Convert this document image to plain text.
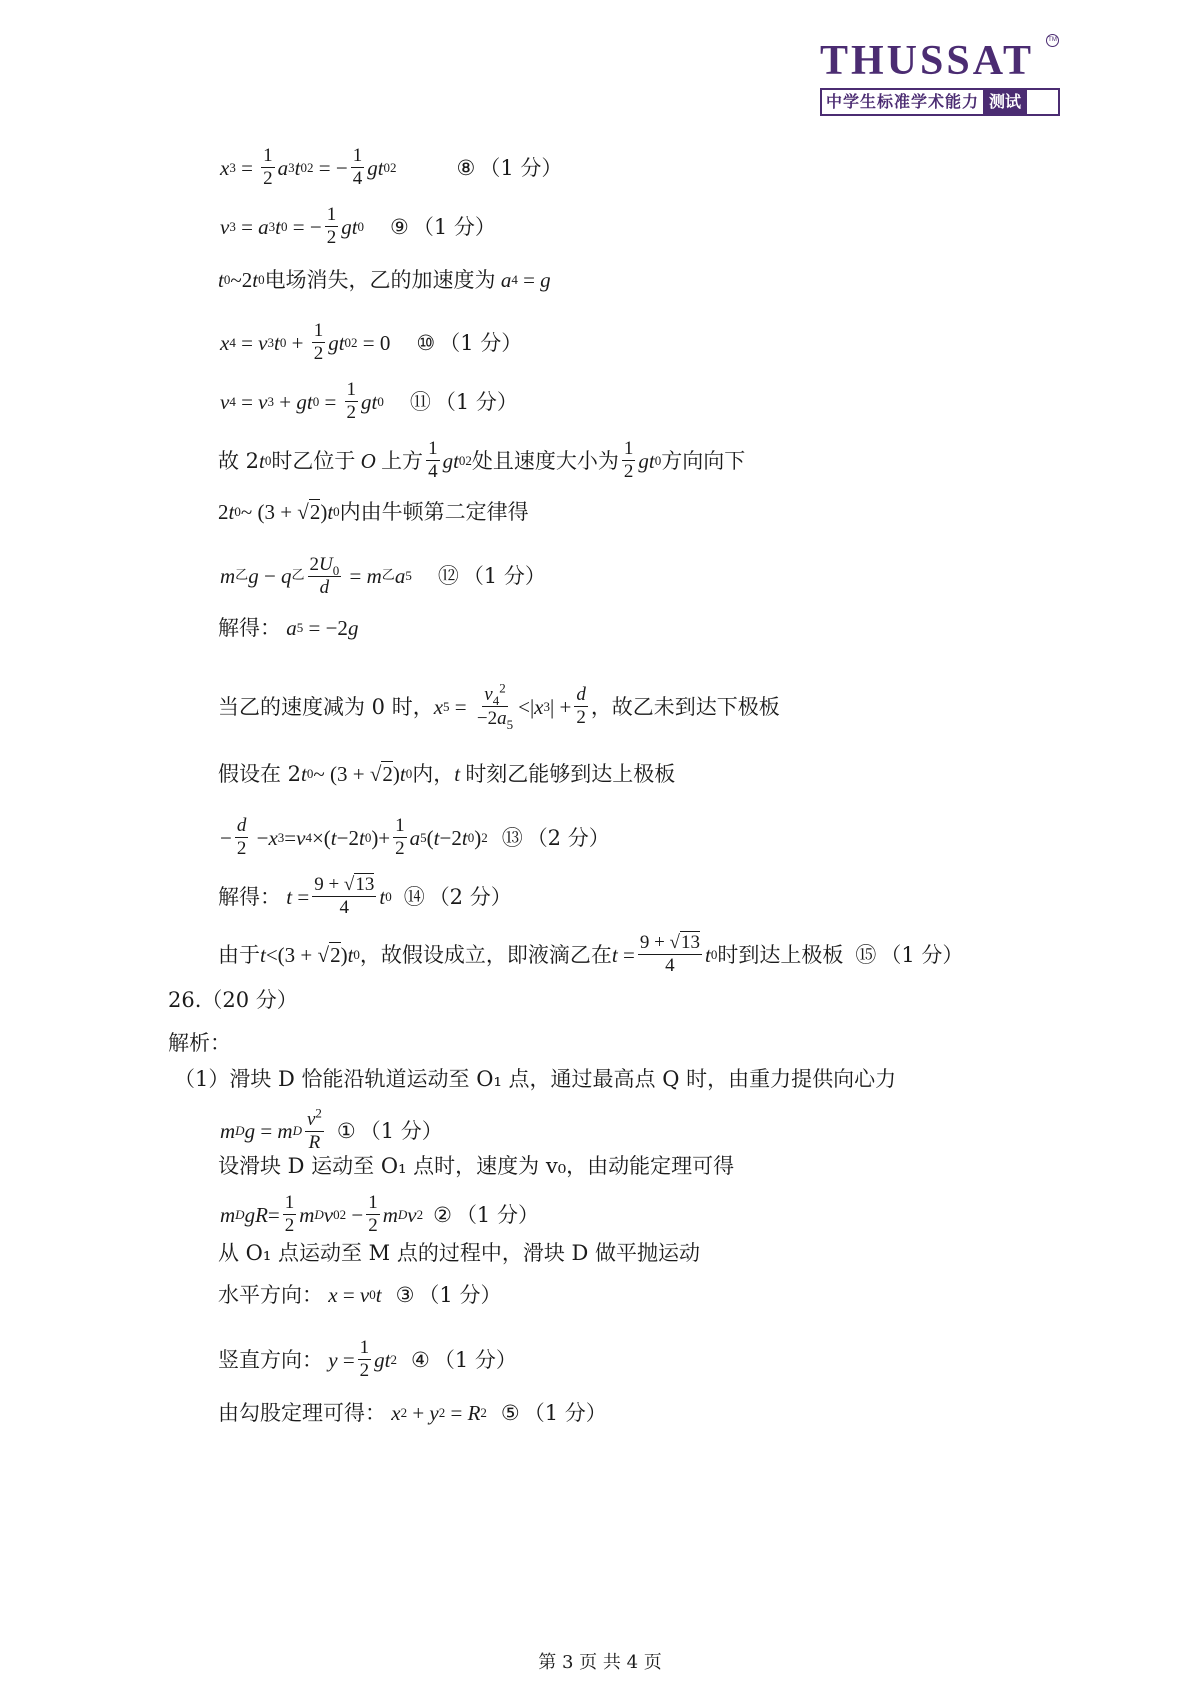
THUSSAT	TM
中学生标准学术能力 测试
x $3 = \frac{1}{2}$ a 3 t 0 2 = − $\frac{1}{4}$ gt 0 2	⑧ （1 分）
v 3 = a 3 t 0 = − $\frac{1}{2}$ gt 0 ⑨ （1 分）
t 0 ~2 t 0 电场消失，乙的加速度为 a 4 = g
x 4 = v 3 t $0 + \frac{1}{2}$ gt 0 2 = 0 ⑩ （1 分）
v 4 = v 3 + gt $0 = \frac{1}{2}$ gt 0 ⑪ （1 分）
故 2 t 0 时乙位于 O 上方 $\frac{1}{4}$ gt 0 2 处且速度大小为 $\frac{1}{2}$ gt 0 方向向下
2 t 0 ~ (3 + √2) t 0 内由牛顿第二定律得
m 乙 g − q 乙 $\frac{2U_0}{d} = m$ 乙 a 5 ⑫ （1 分）
解得： a 5 = −2 g
当乙的速度减为 0 时， x $5 = \frac{v_4^2}{-2a_5}$ <| x 3 | + $\frac{d}{2}$ ，故乙未到达下极板
假设在 2 t 0 ~ (3 + √2) t 0 内， t 时刻乙能够到达上极板
− $\frac{d}{2} - x$ 3 = v 4 ×( t −2 t 0 )+ $\frac{1}{2}$ a 5 ( t −2 t 0 ) 2 ⑬ （2 分）
解得： $t = \frac{9 + √13}{4}$ t 0 ⑭ （2 分）
由于 t <(3 + √2) t 0 ，故假设成立，即液滴乙在 $t = \frac{9 + √13}{4}$ t 0 时到达上极板 ⑮ （1 分）
26.（20 分）
解析：
（1）滑块 D 恰能沿轨道运动至 O₁ 点，通过最高点 Q 时，由重力提供向心力
m D g = m D $\frac{v^2}{R}$ ① （1 分）
设滑块 D 运动至 O₁ 点时，速度为 v₀，由动能定理可得
m D gR = $\frac{1}{2}$ m D v 0 $2 - \frac{1}{2}$ m D v 2 ② （1 分）
从 O₁ 点运动至 M 点的过程中，滑块 D 做平抛运动
水平方向： x = v 0 t ③ （1 分）
竖直方向： $y = \frac{1}{2}$ gt 2 ④ （1 分）
由勾股定理可得： x 2 + y 2 = R 2 ⑤ （1 分）
第 3 页 共 4 页
